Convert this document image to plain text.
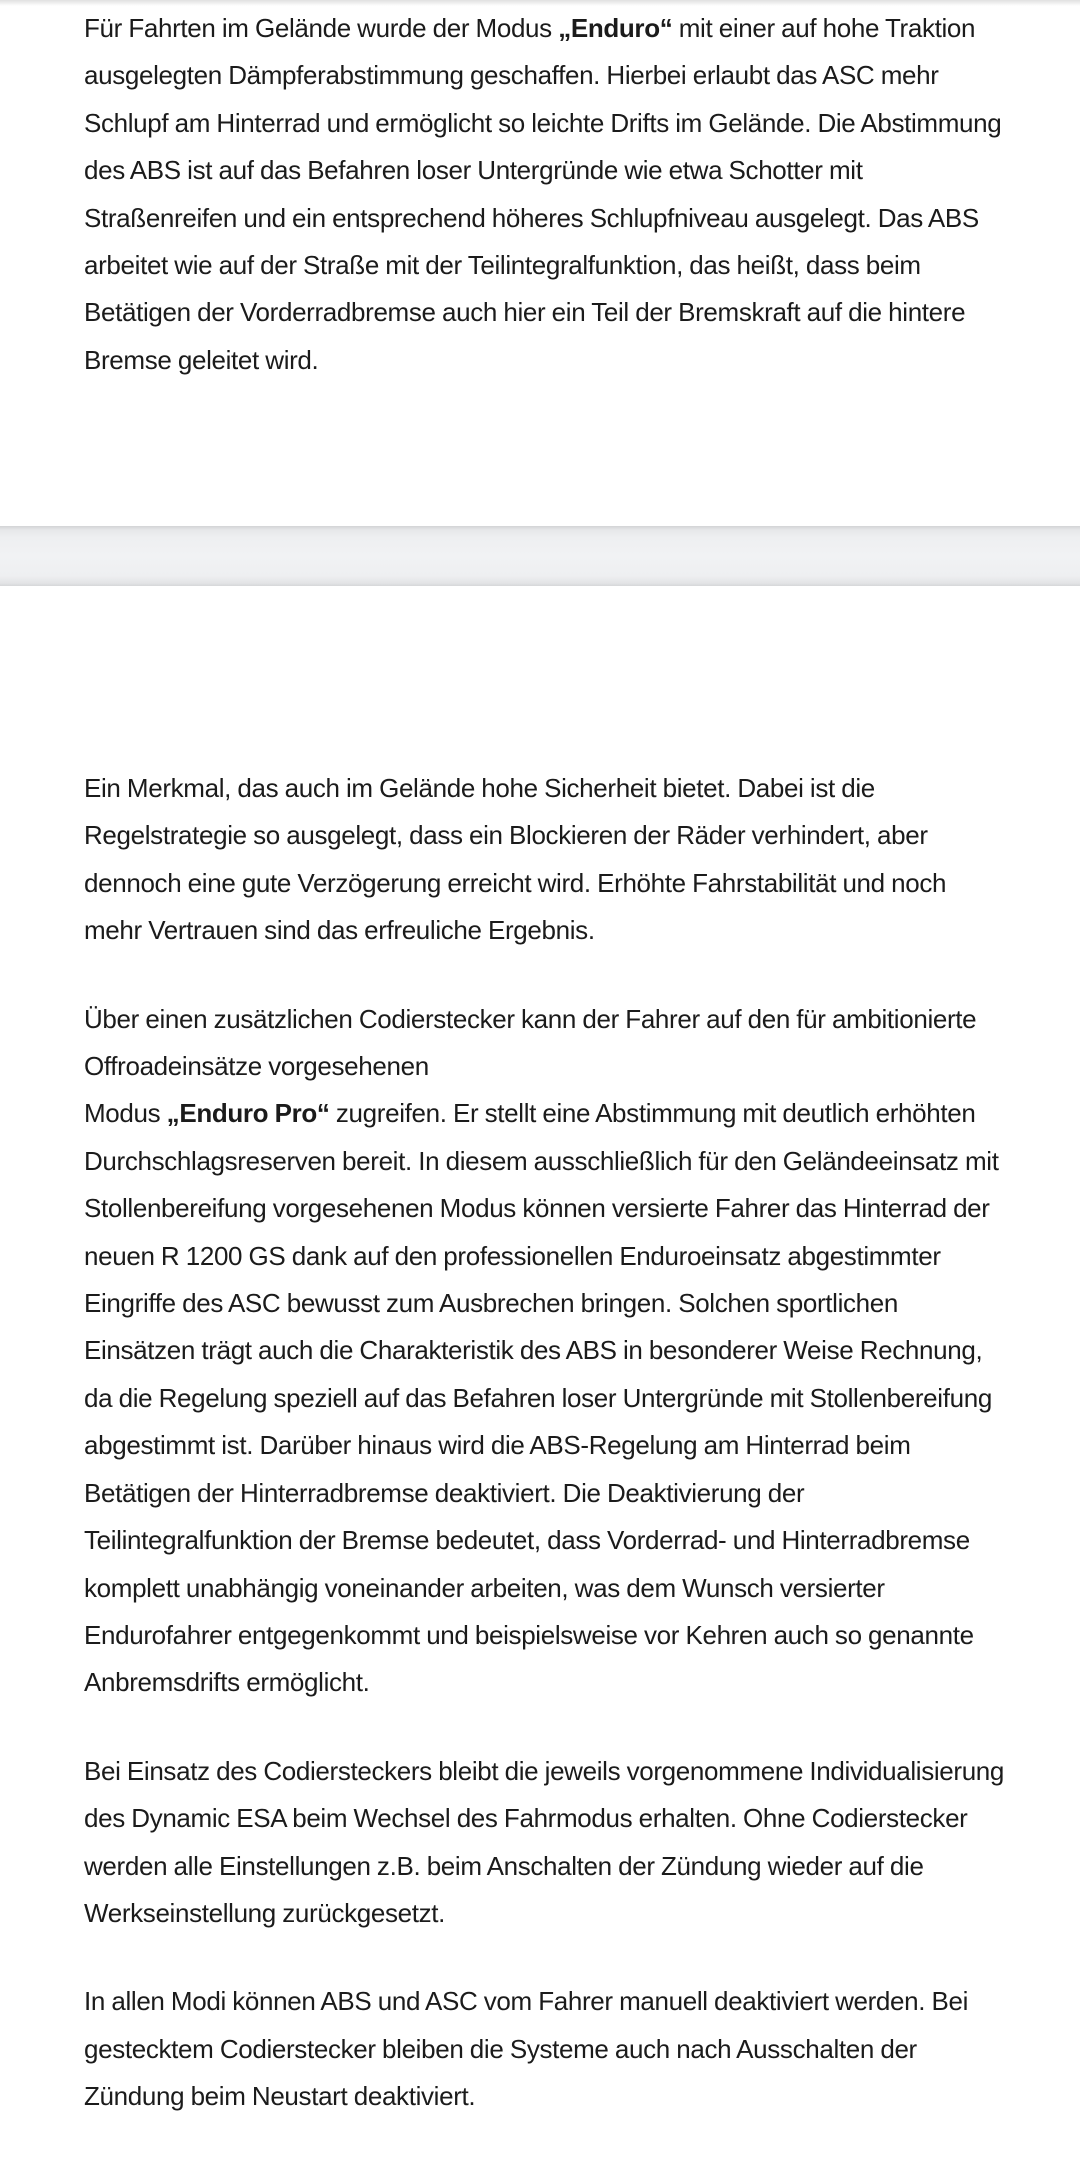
Für Fahrten im Gelände wurde der Modus „Enduro“ mit einer auf hohe Traktion ausgelegten Dämpferabstimmung geschaffen. Hierbei erlaubt das ASC mehr Schlupf am Hinterrad und ermöglicht so leichte Drifts im Gelände. Die Abstimmung des ABS ist auf das Befahren loser Untergründe wie etwa Schotter mit Straßenreifen und ein entsprechend höheres Schlupfniveau ausgelegt. Das ABS arbeitet wie auf der Straße mit der Teilintegralfunktion, das heißt, dass beim Betätigen der Vorderradbremse auch hier ein Teil der Bremskraft auf die hintere Bremse geleitet wird.

Ein Merkmal, das auch im Gelände hohe Sicherheit bietet. Dabei ist die Regelstrategie so ausgelegt, dass ein Blockieren der Räder verhindert, aber dennoch eine gute Verzögerung erreicht wird. Erhöhte Fahrstabilität und noch mehr Vertrauen sind das erfreuliche Ergebnis.

Über einen zusätzlichen Codierstecker kann der Fahrer auf den für ambitionierte Offroadeinsätze vorgesehenen
Modus „Enduro Pro“ zugreifen. Er stellt eine Abstimmung mit deutlich erhöhten Durchschlagsreserven bereit. In diesem ausschließlich für den Geländeeinsatz mit Stollenbereifung vorgesehenen Modus können versierte Fahrer das Hinterrad der neuen R 1200 GS dank auf den professionellen Enduroeinsatz abgestimmter Eingriffe des ASC bewusst zum Ausbrechen bringen. Solchen sportlichen Einsätzen trägt auch die Charakteristik des ABS in besonderer Weise Rechnung, da die Regelung speziell auf das Befahren loser Untergründe mit Stollenbereifung abgestimmt ist. Darüber hinaus wird die ABS-Regelung am Hinterrad beim Betätigen der Hinterradbremse deaktiviert. Die Deaktivierung der Teilintegralfunktion der Bremse bedeutet, dass Vorderrad- und Hinterradbremse komplett unabhängig voneinander arbeiten, was dem Wunsch versierter Endurofahrer entgegenkommt und beispielsweise vor Kehren auch so genannte Anbremsdrifts ermöglicht.

Bei Einsatz des Codiersteckers bleibt die jeweils vorgenommene Individualisierung des Dynamic ESA beim Wechsel des Fahrmodus erhalten. Ohne Codierstecker werden alle Einstellungen z.B. beim Anschalten der Zündung wieder auf die Werkseinstellung zurückgesetzt.

In allen Modi können ABS und ASC vom Fahrer manuell deaktiviert werden. Bei gestecktem Codierstecker bleiben die Systeme auch nach Ausschalten der Zündung beim Neustart deaktiviert.
